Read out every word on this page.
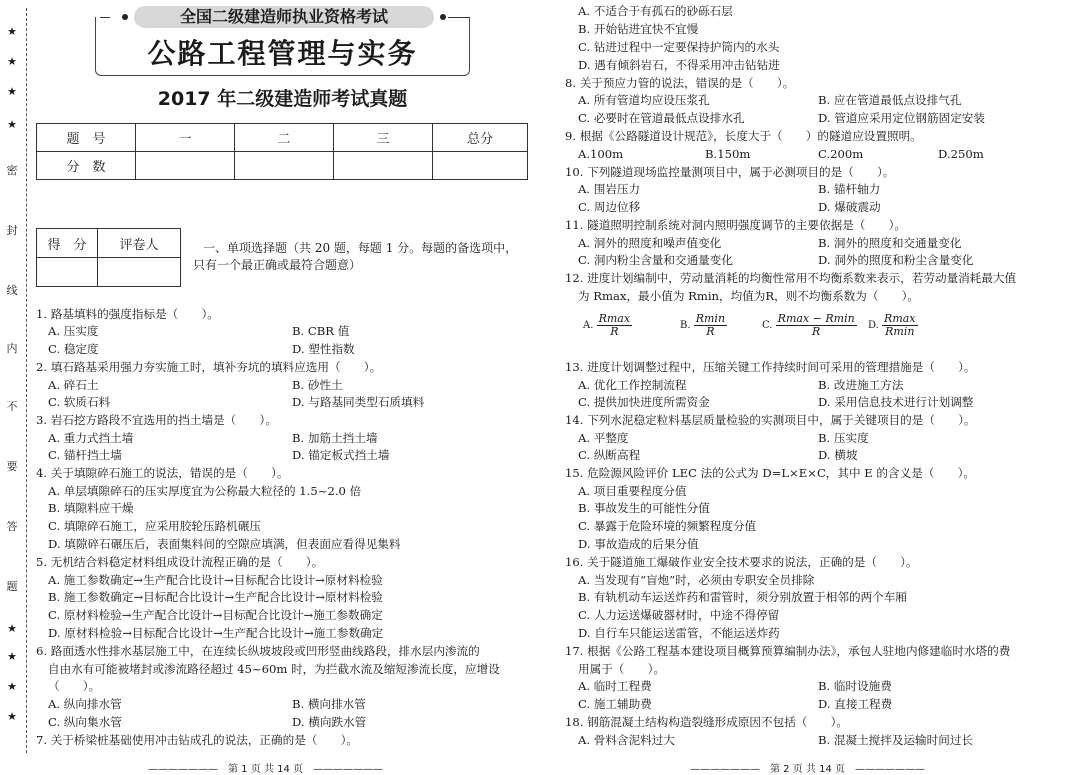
★
★
★
★
密
封
线
内
不
要
答
题
★
★
★
★
全国二级建造师执业资格考试
公路工程管理与实务
2017 年二级建造师考试真题
题　号	一	二	三	总分
分　数				
得　分	评卷人
		一、单项选择题（共 20 题，每题 1 分。每题的备选项中，
只有一个最正确或最符合题意）
1. 路基填料的强度指标是（　　）。
A. 压实度	B. CBR 值
C. 稳定度	D. 塑性指数
2. 填石路基采用强力夯实施工时，填补夯坑的填料应选用（　　）。
A. 碎石土	B. 砂性土
C. 软质石料	D. 与路基同类型石质填料
3. 岩石挖方路段不宜选用的挡土墙是（　　）。
A. 重力式挡土墙	B. 加筋土挡土墙
C. 锚杆挡土墙	D. 锚定板式挡土墙
4. 关于填隙碎石施工的说法，错误的是（　　）。
A. 单层填隙碎石的压实厚度宜为公称最大粒径的 1.5~2.0 倍
B. 填隙料应干燥
C. 填隙碎石施工，应采用胶轮压路机碾压
D. 填隙碎石碾压后，表面集料间的空隙应填满，但表面应看得见集料
5. 无机结合料稳定材料组成设计流程正确的是（　　）。
A. 施工参数确定→生产配合比设计→目标配合比设计→原材料检验
B. 施工参数确定→目标配合比设计→生产配合比设计→原材料检验
C. 原材料检验→生产配合比设计→目标配合比设计→施工参数确定
D. 原材料检验→目标配合比设计→生产配合比设计→施工参数确定
6. 路面透水性排水基层施工中，在连续长纵坡坡段或凹形竖曲线路段，排水层内渗流的
自由水有可能被堵封或渗流路径超过 45~60m 时，为拦截水流及缩短渗流长度，应增设
（　　）。
A. 纵向排水管	B. 横向排水管
C. 纵向集水管	D. 横向跌水管
7. 关于桥梁桩基础使用冲击钻成孔的说法，正确的是（　　）。
A. 不适合于有孤石的砂砾石层
B. 开始钻进宜快不宜慢
C. 钻进过程中一定要保持护筒内的水头
D. 遇有倾斜岩石，不得采用冲击钻钻进
8. 关于预应力管的说法，错误的是（　　）。
A. 所有管道均应设压浆孔	B. 应在管道最低点设排气孔
C. 必要时在管道最低点设排水孔	D. 管道应采用定位钢筋固定安装
9. 根据《公路隧道设计规范》，长度大于（　　）的隧道应设置照明。
A.100m	B.150m	C.200m	D.250m
10. 下列隧道现场监控量测项目中，属于必测项目的是（　　）。
A. 围岩压力	B. 锚杆轴力
C. 周边位移	D. 爆破震动
11. 隧道照明控制系统对洞内照明强度调节的主要依据是（　　）。
A. 洞外的照度和噪声值变化	B. 洞外的照度和交通量变化
C. 洞内粉尘含量和交通量变化	D. 洞外的照度和粉尘含量变化
12. 进度计划编制中，劳动量消耗的均衡性常用不均衡系数来表示，若劳动量消耗最大值
为 Rmax，最小值为 Rmin，均值为R，则不均衡系数为（　　）。
A. $\frac{Rmax}{R}$	B. $\frac{Rmin}{R}$	C. $\frac{Rmax - Rmin}{R} D$. $\frac{Rmax}{Rmin}$
13. 进度计划调整过程中，压缩关键工作持续时间可采用的管理措施是（　　）。
A. 优化工作控制流程	B. 改进施工方法
C. 提供加快进度所需资金	D. 采用信息技术进行计划调整
14. 下列水泥稳定粒料基层质量检验的实测项目中，属于关键项目的是（　　）。
A. 平整度	B. 压实度
C. 纵断高程	D. 横坡
15. 危险源风险评价 LEC 法的公式为 D=L×E×C，其中 E 的含义是（　　）。
A. 项目重要程度分值
B. 事故发生的可能性分值
C. 暴露于危险环境的频繁程度分值
D. 事故造成的后果分值
16. 关于隧道施工爆破作业安全技术要求的说法，正确的是（　　）。
A. 当发现有“盲炮”时，必须由专职安全员排除
B. 有轨机动车运送炸药和雷管时，须分别放置于相邻的两个车厢
C. 人力运送爆破器材时，中途不得停留
D. 自行车只能运送雷管，不能运送炸药
17. 根据《公路工程基本建设项目概算预算编制办法》，承包人驻地内修建临时水塔的费
用属于（　　）。
A. 临时工程费	B. 临时设施费
C. 施工辅助费	D. 直接工程费
18. 钢筋混凝土结构构造裂缝形成原因不包括（　　）。
A. 骨料含泥料过大	B. 混凝土搅拌及运输时间过长
———————　第 1 页 共 14 页　———————	———————　第 2 页 共 14 页　———————
